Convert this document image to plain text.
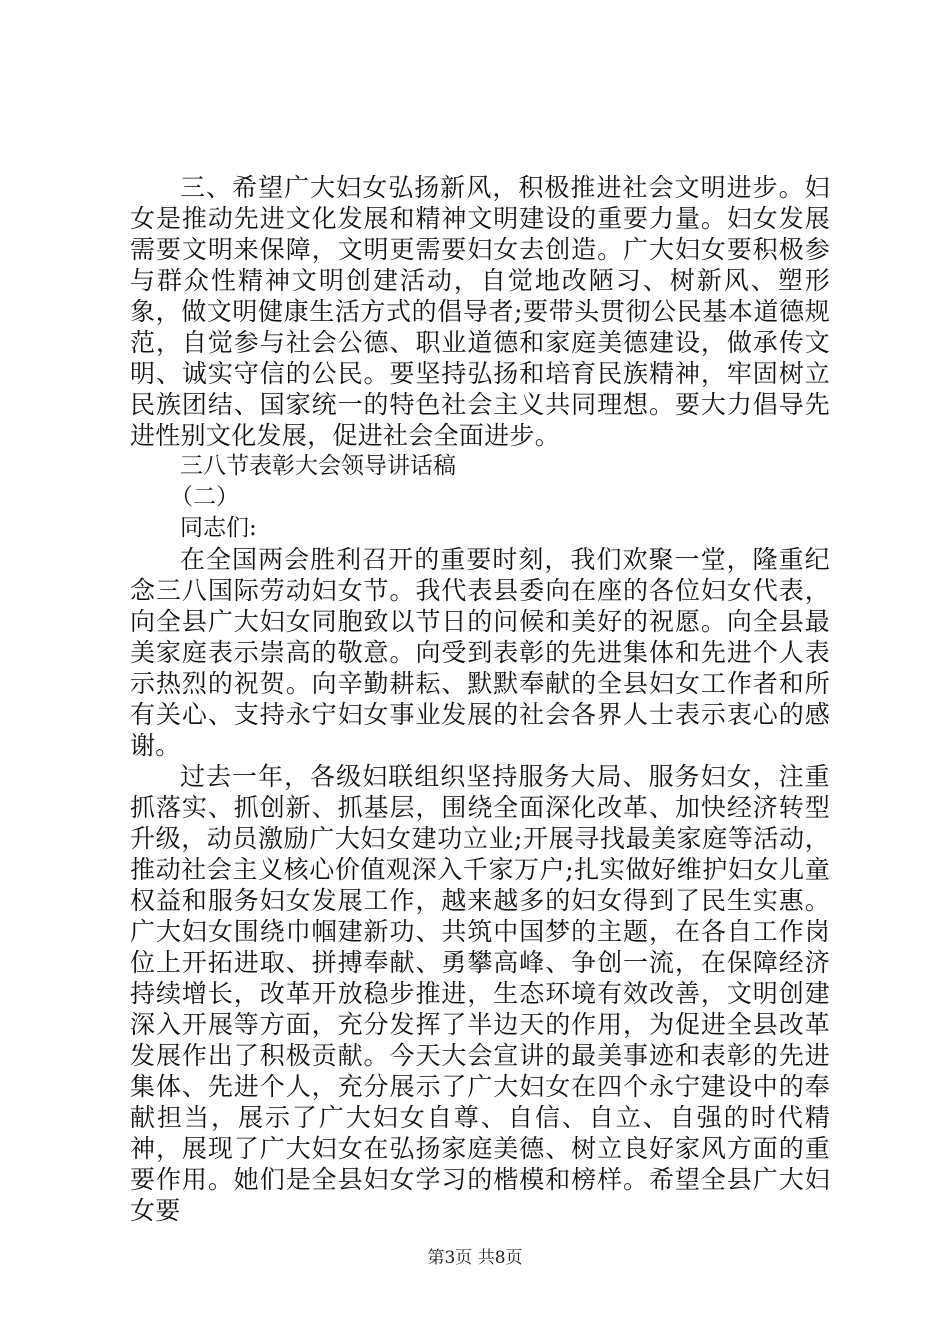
三、希望广大妇女弘扬新风，积极推进社会文明进步。妇女是推动先进文化发展和精神文明建设的重要力量。妇女发展需要文明来保障，文明更需要妇女去创造。广大妇女要积极参与群众性精神文明创建活动，自觉地改陋习、树新风、塑形象，做文明健康生活方式的倡导者;要带头贯彻公民基本道德规范，自觉参与社会公德、职业道德和家庭美德建设，做承传文明、诚实守信的公民。要坚持弘扬和培育民族精神，牢固树立民族团结、国家统一的特色社会主义共同理想。要大力倡导先进性别文化发展，促进社会全面进步。

三八节表彰大会领导讲话稿

（二）

同志们:

在全国两会胜利召开的重要时刻，我们欢聚一堂，隆重纪念三八国际劳动妇女节。我代表县委向在座的各位妇女代表，向全县广大妇女同胞致以节日的问候和美好的祝愿。向全县最美家庭表示崇高的敬意。向受到表彰的先进集体和先进个人表示热烈的祝贺。向辛勤耕耘、默默奉献的全县妇女工作者和所有关心、支持永宁妇女事业发展的社会各界人士表示衷心的感谢。

过去一年，各级妇联组织坚持服务大局、服务妇女，注重抓落实、抓创新、抓基层，围绕全面深化改革、加快经济转型升级，动员激励广大妇女建功立业;开展寻找最美家庭等活动，推动社会主义核心价值观深入千家万户;扎实做好维护妇女儿童权益和服务妇女发展工作，越来越多的妇女得到了民生实惠。广大妇女围绕巾帼建新功、共筑中国梦的主题，在各自工作岗位上开拓进取、拼搏奉献、勇攀高峰、争创一流，在保障经济持续增长，改革开放稳步推进，生态环境有效改善，文明创建深入开展等方面，充分发挥了半边天的作用，为促进全县改革发展作出了积极贡献。今天大会宣讲的最美事迹和表彰的先进集体、先进个人，充分展示了广大妇女在四个永宁建设中的奉献担当，展示了广大妇女自尊、自信、自立、自强的时代精神，展现了广大妇女在弘扬家庭美德、树立良好家风方面的重要作用。她们是全县妇女学习的楷模和榜样。希望全县广大妇女要

第3页 共8页
